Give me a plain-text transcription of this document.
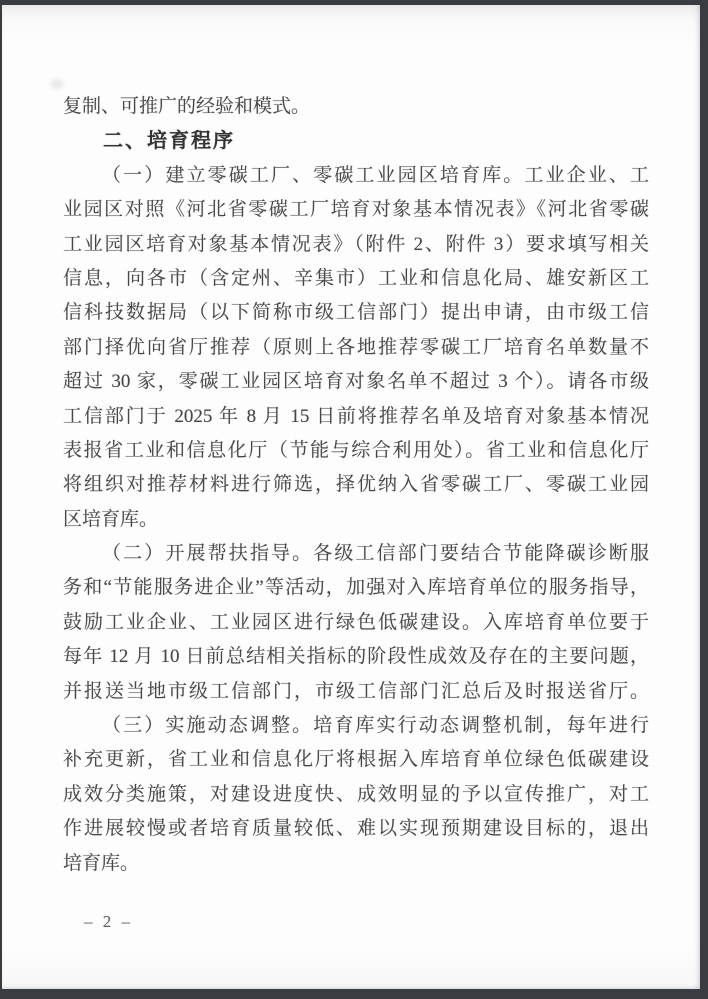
复制、可推广的经验和模式。
二、培育程序
（一）建立零碳工厂、零碳工业园区培育库。工业企业、工
业园区对照《河北省零碳工厂培育对象基本情况表》《河北省零碳
工业园区培育对象基本情况表》（附件 2、附件 3）要求填写相关
信息，向各市（含定州、辛集市）工业和信息化局、雄安新区工
信科技数据局（以下简称市级工信部门）提出申请，由市级工信
部门择优向省厅推荐（原则上各地推荐零碳工厂培育名单数量不
超过 30 家，零碳工业园区培育对象名单不超过 3 个）。请各市级
工信部门于 2025 年 8 月 15 日前将推荐名单及培育对象基本情况
表报省工业和信息化厅（节能与综合利用处）。省工业和信息化厅
将组织对推荐材料进行筛选，择优纳入省零碳工厂、零碳工业园
区培育库。
（二）开展帮扶指导。各级工信部门要结合节能降碳诊断服
务和“节能服务进企业”等活动，加强对入库培育单位的服务指导，
鼓励工业企业、工业园区进行绿色低碳建设。入库培育单位要于
每年 12 月 10 日前总结相关指标的阶段性成效及存在的主要问题，
并报送当地市级工信部门，市级工信部门汇总后及时报送省厅。
（三）实施动态调整。培育库实行动态调整机制，每年进行
补充更新，省工业和信息化厅将根据入库培育单位绿色低碳建设
成效分类施策，对建设进度快、成效明显的予以宣传推广，对工
作进展较慢或者培育质量较低、难以实现预期建设目标的，退出
培育库。
– 2 –
